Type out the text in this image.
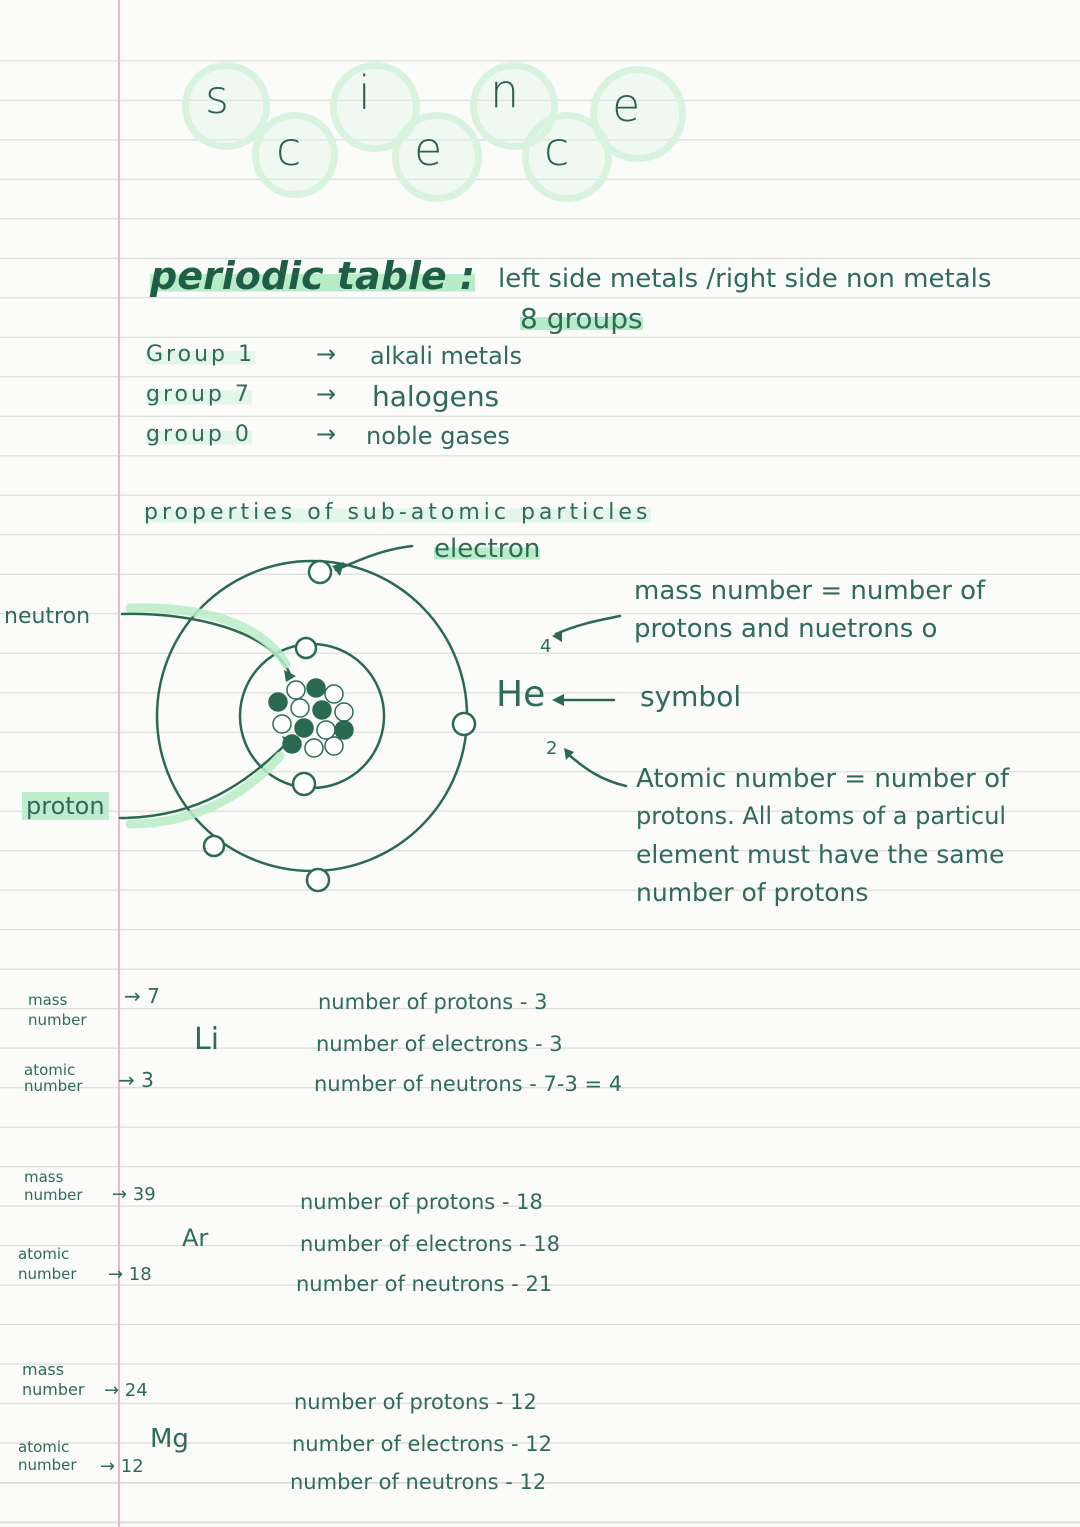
s
c
i
e
n
c
e
periodic table : left side metals /right side non metals
8 groups
Group 1	→ alkali metals
group 7	→ halogens
group 0	→ noble gases
properties of sub-atomic particles
electron
neutron
proton
4
He
2
symbol
mass number = number of protons and nuetrons o
Atomic number = number of
protons. All atoms of a particul
element must have the same
number of protons
mass number
→ 7
Li
atomic number	→ 3
number of protons - 3
number of electrons - 3
number of neutrons - 7-3 = 4
mass number	→ 39
Ar
atomic number	→ 18
number of protons - 18
number of electrons - 18
number of neutrons - 21
mass number	→ 24
Mg
atomic number	→ 12
number of protons - 12
number of electrons - 12
number of neutrons - 12
